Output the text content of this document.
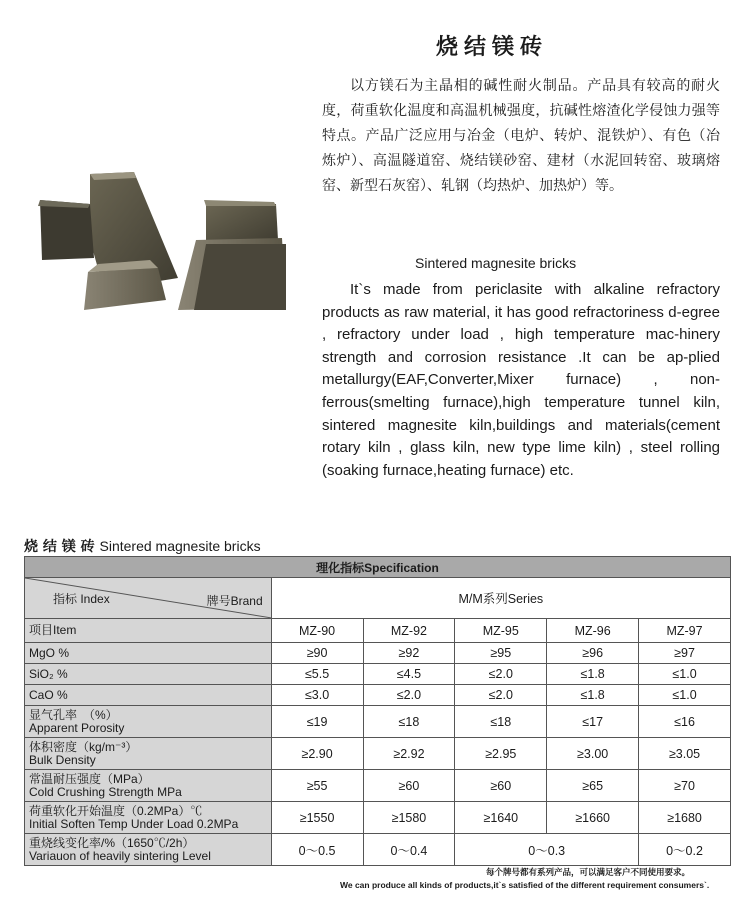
烧结镁砖
以方镁石为主晶相的碱性耐火制品。产品具有较高的耐火度，荷重软化温度和高温机械强度，抗碱性熔渣化学侵蚀力强等特点。产品广泛应用与冶金（电炉、转炉、混铁炉）、有色（冶炼炉）、高温隧道窑、烧结镁砂窑、建材（水泥回转窑、玻璃熔窑、新型石灰窑）、轧钢（均热炉、加热炉）等。
Sintered magnesite bricks
It`s made from periclasite with alkaline refractory products as raw material, it has good refractoriness d-egree , refractory under load , high temperature mac-hinery strength and corrosion resistance .It can be ap-plied metallurgy(EAF,Converter,Mixer furnace) , non-ferrous(smelting furnace),high temperature tunnel kiln, sintered magnesite kiln,buildings and materials(cement rotary kiln , glass kiln, new type lime kiln) , steel rolling (soaking furnace,heating furnace) etc.
烧 结 镁 砖 Sintered magnesite bricks
理化指标Specification					

指标 Index 牌号Brand	M/M系列Series				
项目Item	MZ-90	MZ-92	MZ-95	MZ-96	MZ-97
MgO %	≥90	≥92	≥95	≥96	≥97
SiO₂ %	≤5.5	≤4.5	≤2.0	≤1.8	≤1.0
CaO %	≤3.0	≤2.0	≤2.0	≤1.8	≤1.0

显气孔率　（%）
Apparent Porosity	≤19	≤18	≤18	≤17	≤16

体积密度（kg/m⁻³）
Bulk Density	≥2.90	≥2.92	≥2.95	≥3.00	≥3.05

常温耐压强度（MPa）
Cold Crushing Strength MPa	≥55	≥60	≥60	≥65	≥70

荷重软化开始温度（0.2MPa）℃
Initial Soften Temp Under Load 0.2MPa	≥1550	≥1580	≥1640	≥1660	≥1680

重烧线变化率/%（1650℃/2h）
Variauon of heavily sintering Level	0～0.5	0～0.4	0～0.3		0～0.2
每个牌号都有系列产品，可以满足客户不同使用要求。
We can produce all kinds of products,it`s satisfied of the different requirement consumers`.
